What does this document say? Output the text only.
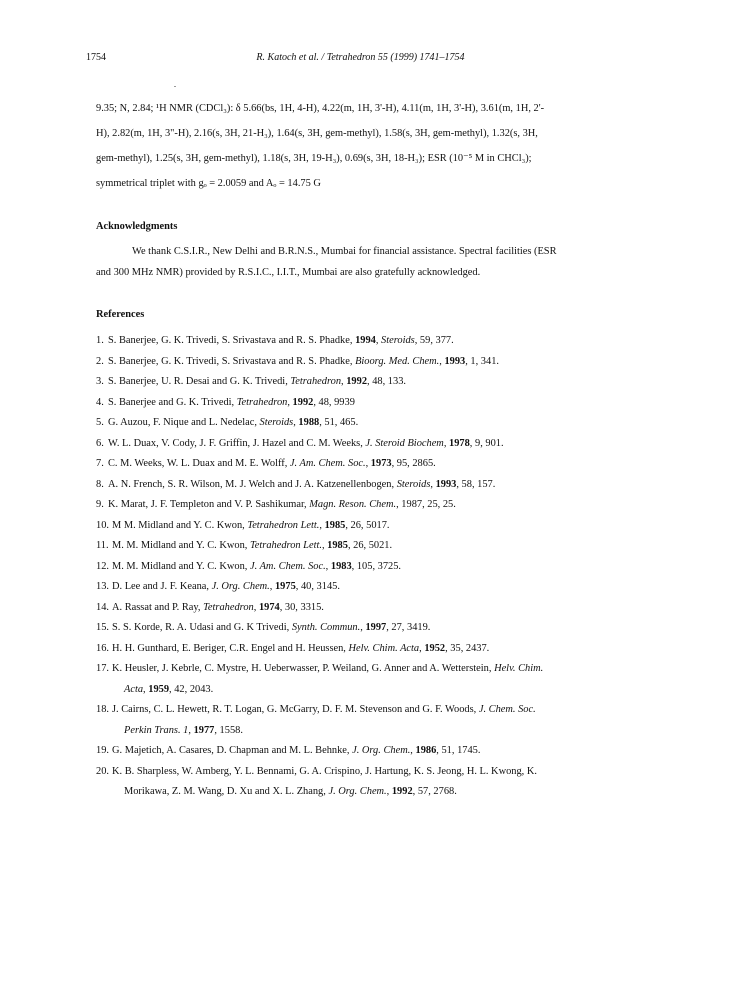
1754	R. Katoch et al. / Tetrahedron 55 (1999) 1741–1754
9.35; N, 2.84; ¹H NMR (CDCl₃): δ 5.66(bs, 1H, 4-H), 4.22(m, 1H, 3'-H), 4.11(m, 1H, 3'-H), 3.61(m, 1H, 2'-
H), 2.82(m, 1H, 3"-H), 2.16(s, 3H, 21-H₃), 1.64(s, 3H, gem-methyl), 1.58(s, 3H, gem-methyl), 1.32(s, 3H,
gem-methyl), 1.25(s, 3H, gem-methyl), 1.18(s, 3H, 19-H₃), 0.69(s, 3H, 18-H₃); ESR (10⁻⁵ M in CHCl₃);
symmetrical triplet with gₒ = 2.0059 and Aₒ = 14.75 G
Acknowledgments
We thank C.S.I.R., New Delhi and B.R.N.S., Mumbai for financial assistance. Spectral facilities (ESR
and 300 MHz NMR) provided by R.S.I.C., I.I.T., Mumbai are also gratefully acknowledged.
References
1. S. Banerjee, G. K. Trivedi, S. Srivastava and R. S. Phadke, 1994, Steroids, 59, 377.
2. S. Banerjee, G. K. Trivedi, S. Srivastava and R. S. Phadke, Bioorg. Med. Chem., 1993, 1, 341.
3. S. Banerjee, U. R. Desai and G. K. Trivedi, Tetrahedron, 1992, 48, 133.
4. S. Banerjee and G. K. Trivedi, Tetrahedron, 1992, 48, 9939
5. G. Auzou, F. Nique and L. Nedelac, Steroids, 1988, 51, 465.
6. W. L. Duax, V. Cody, J. F. Griffin, J. Hazel and C. M. Weeks, J. Steroid Biochem, 1978, 9, 901.
7. C. M. Weeks, W. L. Duax and M. E. Wolff, J. Am. Chem. Soc., 1973, 95, 2865.
8. A. N. French, S. R. Wilson, M. J. Welch and J. A. Katzenellenbogen, Steroids, 1993, 58, 157.
9. K. Marat, J. F. Templeton and V. P. Sashikumar, Magn. Reson. Chem., 1987, 25, 25.
10. M M. Midland and Y. C. Kwon, Tetrahedron Lett., 1985, 26, 5017.
11. M. M. Midland and Y. C. Kwon, Tetrahedron Lett., 1985, 26, 5021.
12. M. M. Midland and Y. C. Kwon, J. Am. Chem. Soc., 1983, 105, 3725.
13. D. Lee and J. F. Keana, J. Org. Chem., 1975, 40, 3145.
14. A. Rassat and P. Ray, Tetrahedron, 1974, 30, 3315.
15. S. S. Korde, R. A. Udasi and G. K Trivedi, Synth. Commun., 1997, 27, 3419.
16. H. H. Gunthard, E. Beriger, C.R. Engel and H. Heussen, Helv. Chim. Acta, 1952, 35, 2437.
17. K. Heusler, J. Kebrle, C. Mystre, H. Ueberwasser, P. Weiland, G. Anner and A. Wetterstein, Helv. Chim.
Acta, 1959, 42, 2043.
18. J. Cairns, C. L. Hewett, R. T. Logan, G. McGarry, D. F. M. Stevenson and G. F. Woods, J. Chem. Soc.
Perkin Trans. 1, 1977, 1558.
19. G. Majetich, A. Casares, D. Chapman and M. L. Behnke, J. Org. Chem., 1986, 51, 1745.
20. K. B. Sharpless, W. Amberg, Y. L. Bennami, G. A. Crispino, J. Hartung, K. S. Jeong, H. L. Kwong, K.
Morikawa, Z. M. Wang, D. Xu and X. L. Zhang, J. Org. Chem., 1992, 57, 2768.
